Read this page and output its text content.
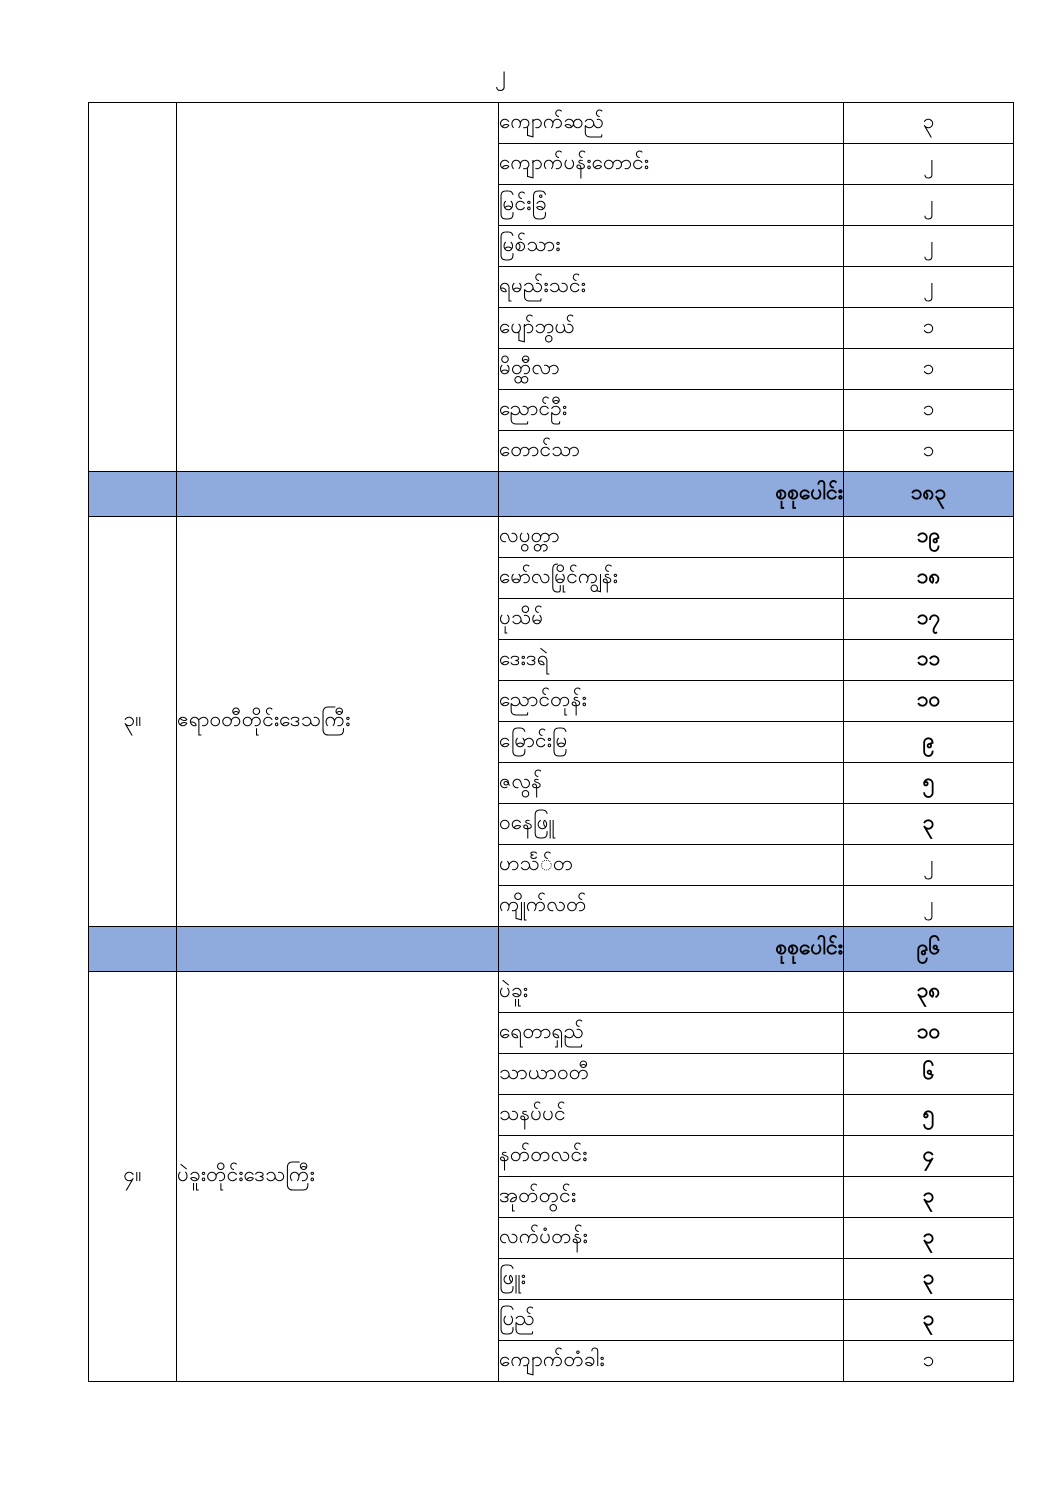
၂
		ကျောက်ဆည်	၃
		ကျောက်ပန်းတောင်း	၂
		မြင်းခြံ	၂
		မြစ်သား	၂
		ရမည်းသင်း	၂
		ပျော်ဘွယ်	၁
		မိတ္ထီလာ	၁
		ညောင်ဦး	၁
		တောင်သာ	၁
		စုစုပေါင်း	၁၈၃
၃။	ဧရာဝတီတိုင်းဒေသကြီး	လပွတ္တာ	၁၉
		မော်လမြိုင်ကျွန်း	၁၈
		ပုသိမ်	၁၇
		ဒေးဒရဲ	၁၁
		ညောင်တုန်း	၁၀
		မြောင်းမြ	၉
		ဇလွန်	၅
		ဝနေဖြူ	၃
		ဟသႅ်တ	၂
		ကျိုက်လတ်	၂
		စုစုပေါင်း	၉၆
၄။	ပဲခူးတိုင်းဒေသကြီး	ပဲခူး	၃၈
		ရေတာရှည်	၁၀
		သာယာဝတီ	၆
		သနပ်ပင်	၅
		နတ်တလင်း	၄
		အုတ်တွင်း	၃
		လက်ပံတန်း	၃
		ဖြူး	၃
		ပြည်	၃
		ကျောက်တံခါး	၁
